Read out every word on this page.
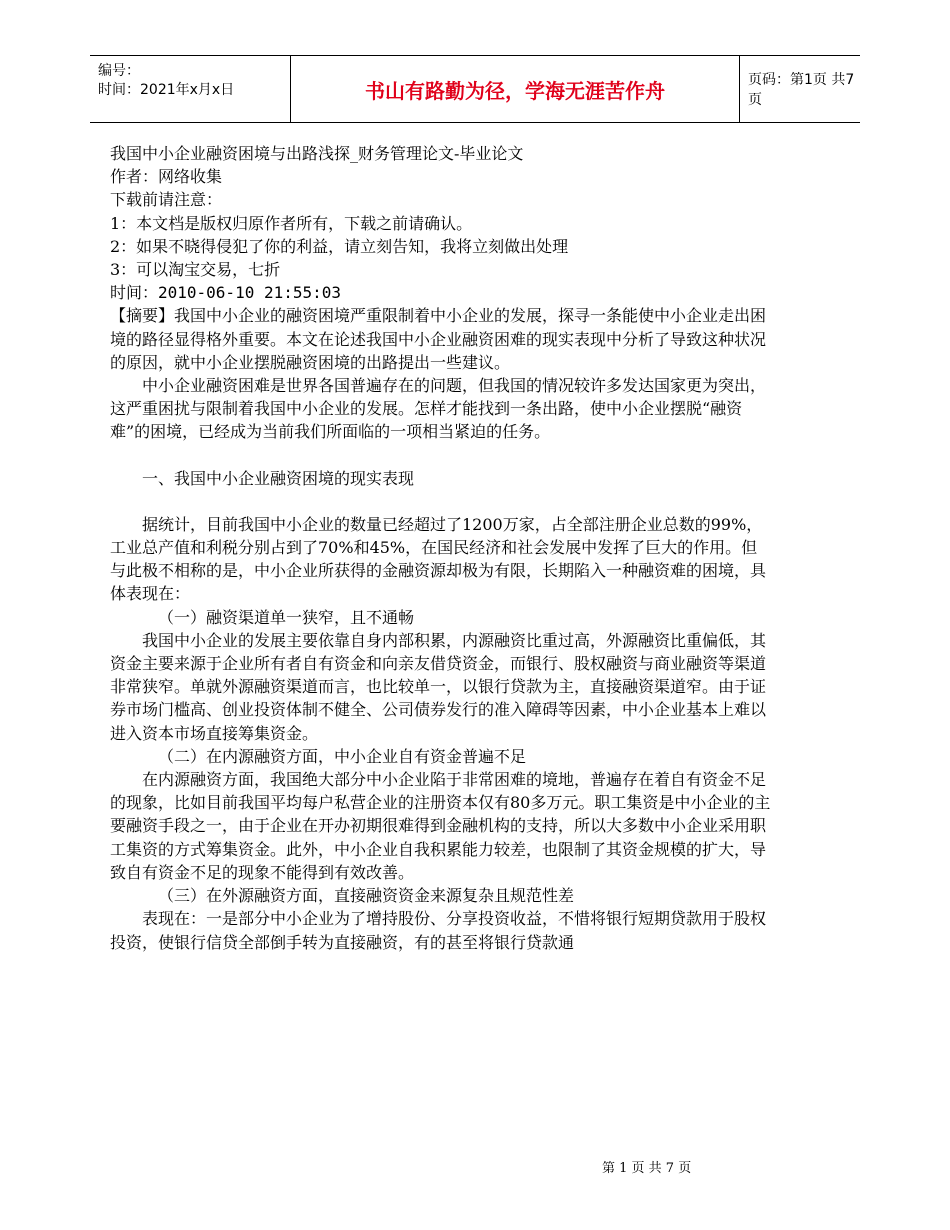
编号：
时间：2021年x月x日	书山有路勤为径，学海无涯苦作舟	页码：第1页 共7页

我国中小企业融资困境与出路浅探_财务管理论文-毕业论文

作者：网络收集

下载前请注意：

1：本文档是版权归原作者所有，下载之前请确认。

2：如果不晓得侵犯了你的利益，请立刻告知，我将立刻做出处理

3：可以淘宝交易，七折

时间：2010-06-10 21:55:03

【摘要】我国中小企业的融资困境严重限制着中小企业的发展，探寻一条能使中小企业走出困境的路径显得格外重要。本文在论述我国中小企业融资困难的现实表现中分析了导致这种状况的原因，就中小企业摆脱融资困境的出路提出一些建议。

中小企业融资困难是世界各国普遍存在的问题，但我国的情况较许多发达国家更为突出，这严重困扰与限制着我国中小企业的发展。怎样才能找到一条出路，使中小企业摆脱“融资难”的困境，已经成为当前我们所面临的一项相当紧迫的任务。

一、我国中小企业融资困境的现实表现

据统计，目前我国中小企业的数量已经超过了1200万家，占全部注册企业总数的99%，工业总产值和利税分别占到了70%和45%，在国民经济和社会发展中发挥了巨大的作用。但与此极不相称的是，中小企业所获得的金融资源却极为有限，长期陷入一种融资难的困境，具体表现在：

（一）融资渠道单一狭窄，且不通畅

我国中小企业的发展主要依靠自身内部积累，内源融资比重过高，外源融资比重偏低，其资金主要来源于企业所有者自有资金和向亲友借贷资金，而银行、股权融资与商业融资等渠道非常狭窄。单就外源融资渠道而言，也比较单一，以银行贷款为主，直接融资渠道窄。由于证券市场门槛高、创业投资体制不健全、公司债券发行的准入障碍等因素，中小企业基本上难以进入资本市场直接筹集资金。

（二）在内源融资方面，中小企业自有资金普遍不足

在内源融资方面，我国绝大部分中小企业陷于非常困难的境地，普遍存在着自有资金不足的现象，比如目前我国平均每户私营企业的注册资本仅有80多万元。职工集资是中小企业的主要融资手段之一，由于企业在开办初期很难得到金融机构的支持，所以大多数中小企业采用职工集资的方式筹集资金。此外，中小企业自我积累能力较差，也限制了其资金规模的扩大，导致自有资金不足的现象不能得到有效改善。

（三）在外源融资方面，直接融资资金来源复杂且规范性差

表现在：一是部分中小企业为了增持股份、分享投资收益，不惜将银行短期贷款用于股权投资，使银行信贷全部倒手转为直接融资，有的甚至将银行贷款通

第 1 页 共 7 页
